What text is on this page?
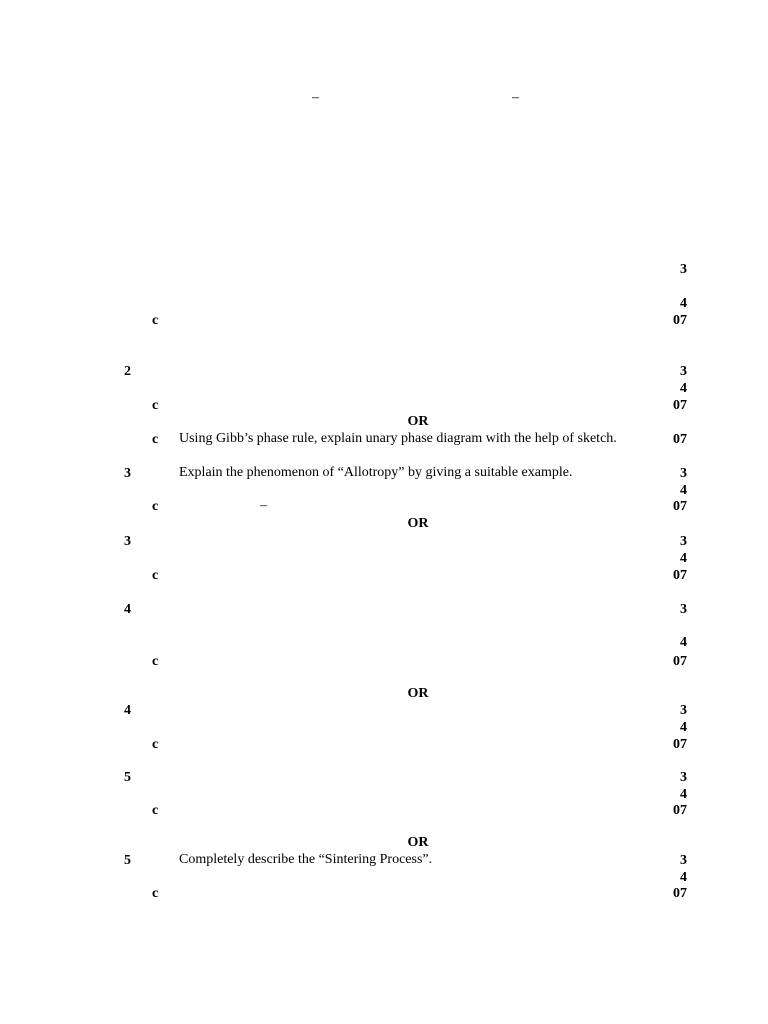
–	–
3
4
c	07
2	3
4
c	07
OR
c Using Gibb’s phase rule, explain unary phase diagram with the help of sketch.	07
3	Explain the phenomenon of “Allotropy” by giving a suitable example.	3
4
c	–	07
OR
3	3
4
c	07
4	3
4
c	07
OR
4	3
4
c	07
5	3
4
c	07
OR
5	Completely describe the “Sintering Process”.	3
4
c	07
